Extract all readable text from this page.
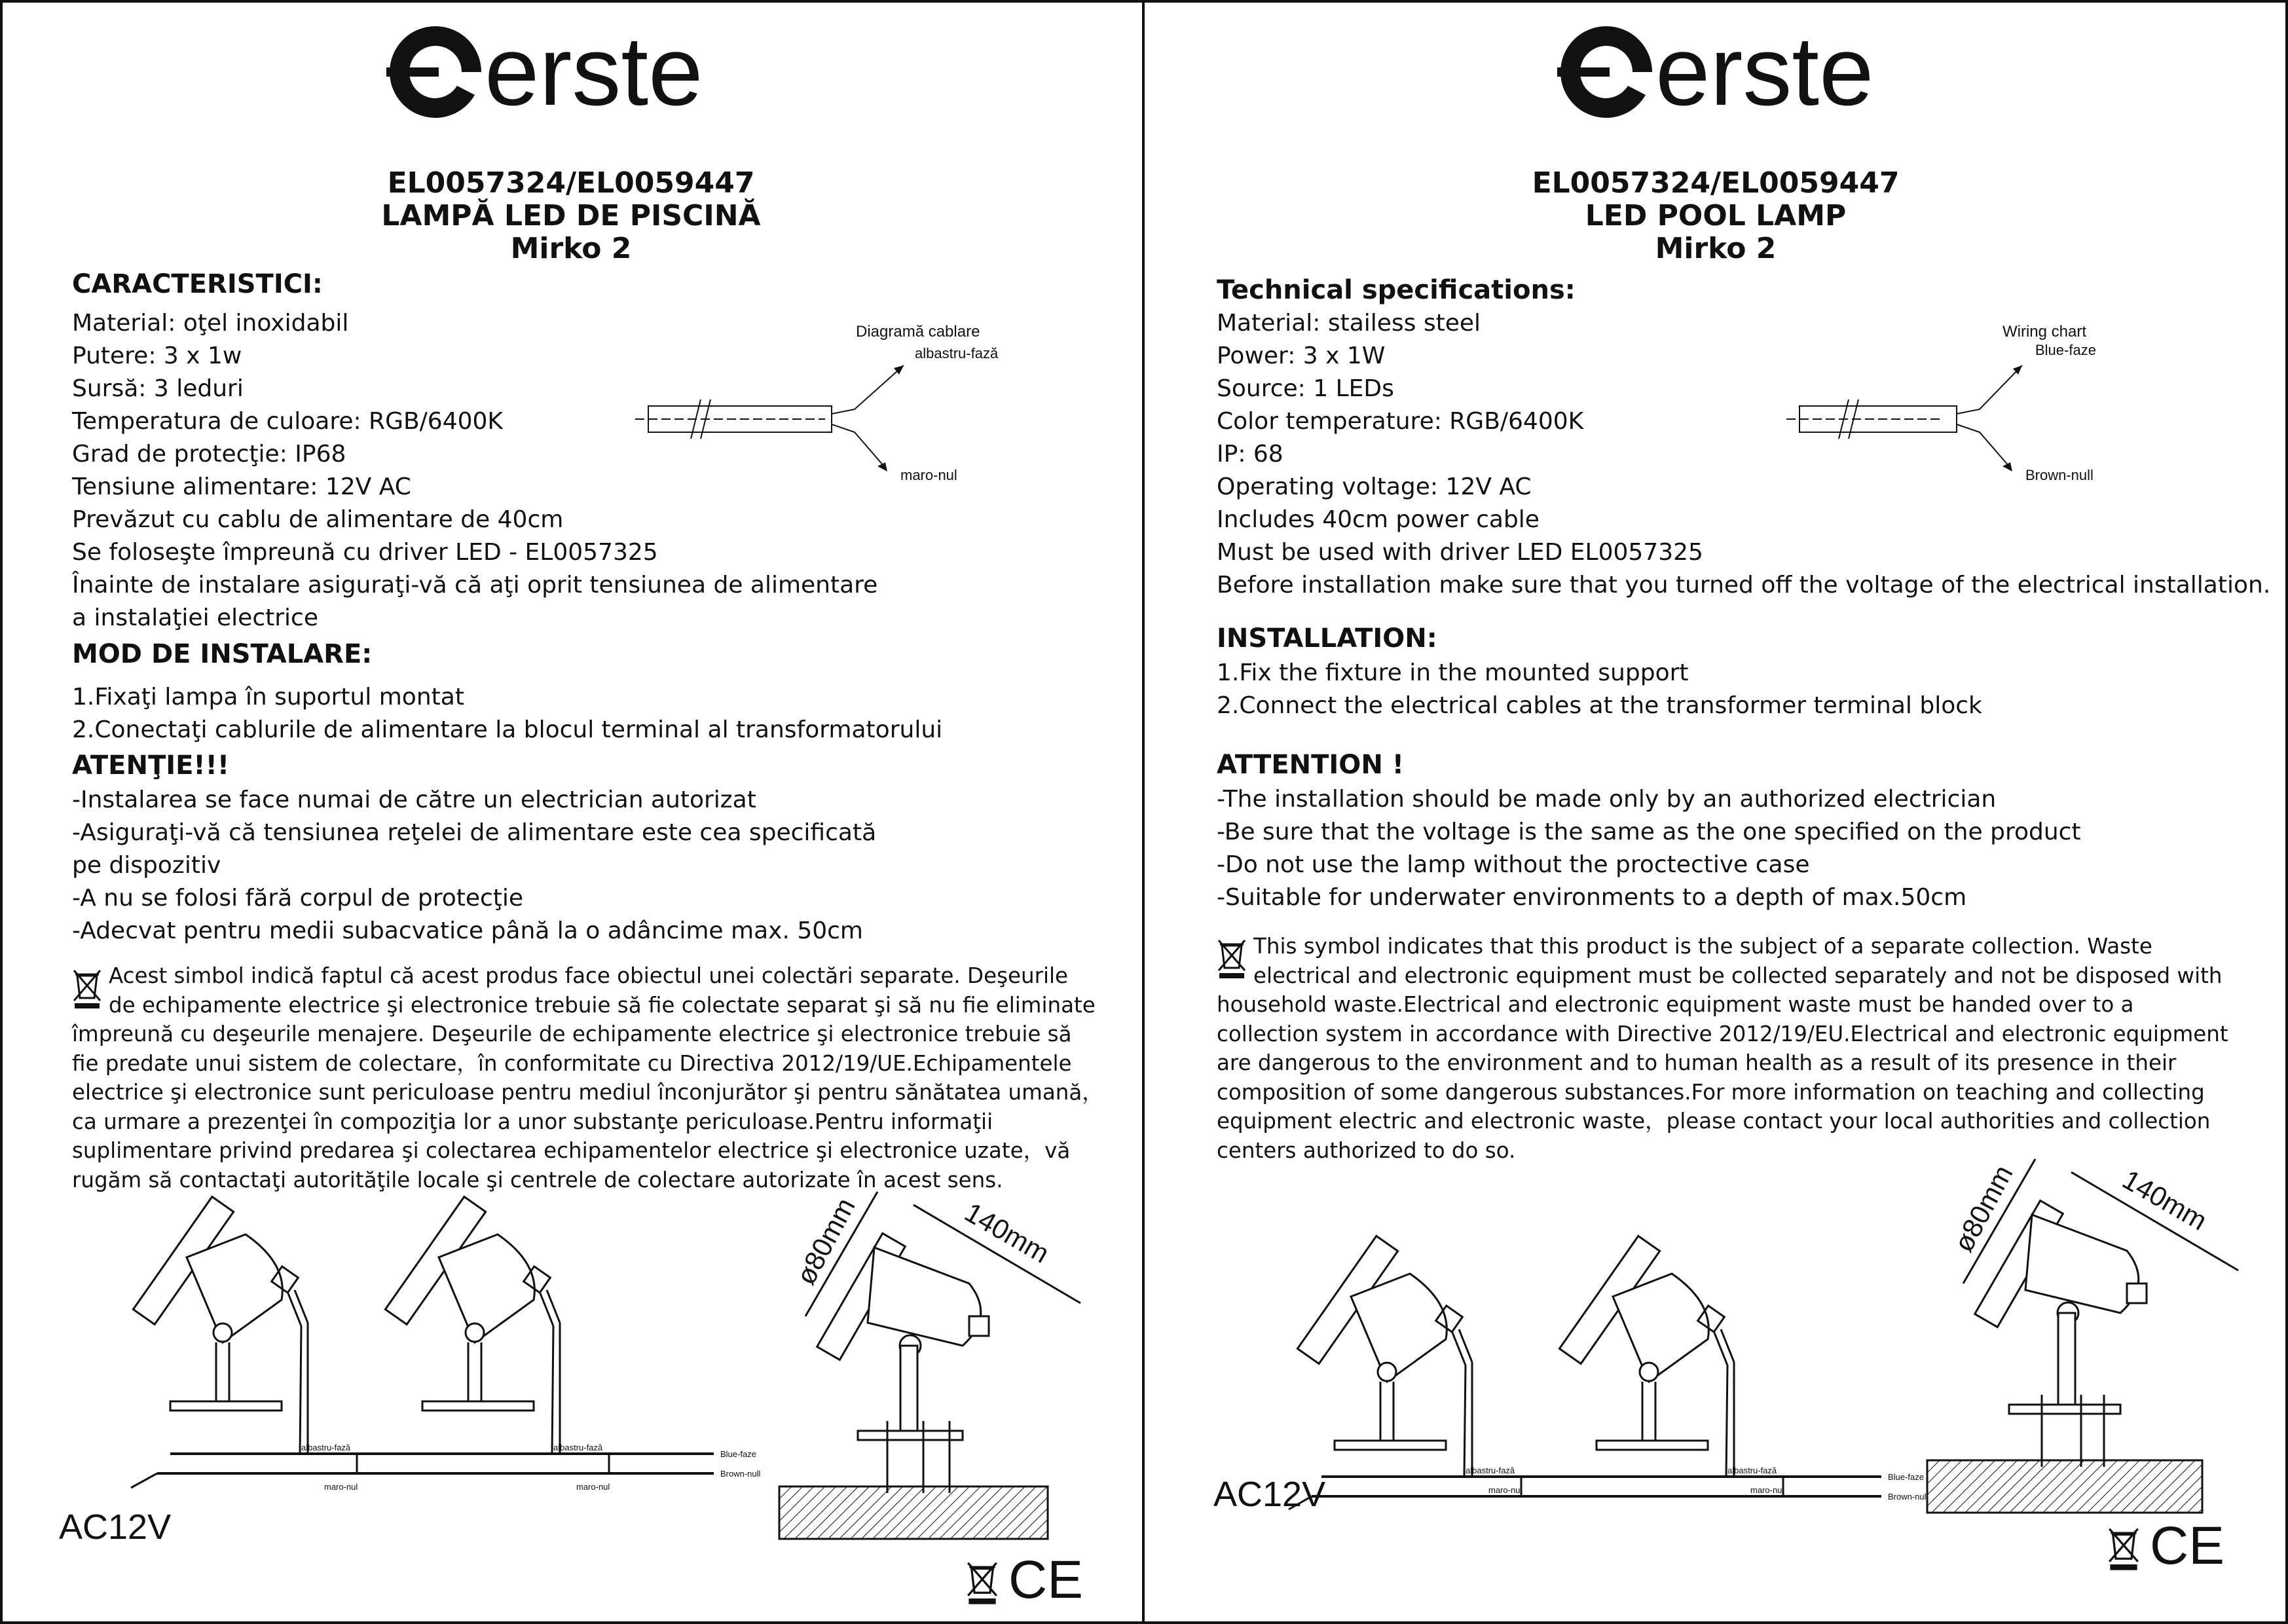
erste
EL0057324/EL0059447
LAMPĂ LED DE PISCINĂ
Mirko 2
CARACTERISTICI:
Material: oţel inoxidabil
Putere: 3 x 1w
Sursă: 3 leduri
Temperatura de culoare: RGB/6400K
Grad de protecţie: IP68
Tensiune alimentare: 12V AC
Prevăzut cu cablu de alimentare de 40cm
Se foloseşte împreună cu driver LED - EL0057325
Înainte de instalare asiguraţi-vă că aţi oprit tensiunea de alimentare
a instalaţiei electrice
Diagramă cablare
albastru-fază
maro-nul
MOD DE INSTALARE:
1.Fixaţi lampa în suportul montat
2.Conectaţi cablurile de alimentare la blocul terminal al transformatorului
ATENŢIE!!!
-Instalarea se face numai de către un electrician autorizat
-Asiguraţi-vă că tensiunea reţelei de alimentare este cea specificată
pe dispozitiv
-A nu se folosi fără corpul de protecţie
-Adecvat pentru medii subacvatice până la o adâncime max. 50cm
Acest simbol indică faptul că acest produs face obiectul unei colectări separate. Deşeurile
de echipamente electrice şi electronice trebuie să fie colectate separat şi să nu fie eliminate
împreună cu deşeurile menajere. Deşeurile de echipamente electrice şi electronice trebuie să
fie predate unui sistem de colectare，în conformitate cu Directiva 2012/19/UE.Echipamentele
electrice şi electronice sunt periculoase pentru mediul înconjurător şi pentru sănătatea umană，
ca urmare a prezenţei în compoziţia lor a unor substanţe periculoase.Pentru informaţii
suplimentare privind predarea şi colectarea echipamentelor electrice şi electronice uzate，vă
rugăm să contactaţi autorităţile locale şi centrele de colectare autorizate în acest sens.
ø80mm	140mm
AC12V
maro-nul	maro-nul
albastru-fază	albastru-fază
Blue-faze
Brown-null
CE
erste
EL0057324/EL0059447
LED POOL LAMP
Mirko 2
Technical specifications:
Material: stailess steel
Power: 3 x 1W
Source: 1 LEDs
Color temperature: RGB/6400K
IP: 68
Operating voltage: 12V AC
Includes 40cm power cable
Must be used with driver LED EL0057325
Before installation make sure that you turned off the voltage of the electrical installation.
Wiring chart
Blue-faze
Brown-null
INSTALLATION:
1.Fix the fixture in the mounted support
2.Connect the electrical cables at the transformer terminal block
ATTENTION !
-The installation should be made only by an authorized electrician
-Be sure that the voltage is the same as the one specified on the product
-Do not use the lamp without the proctective case
-Suitable for underwater environments to a depth of max.50cm
This symbol indicates that this product is the subject of a separate collection. Waste
electrical and electronic equipment must be collected separately and not be disposed with
household waste.Electrical and electronic equipment waste must be handed over to a
collection system in accordance with Directive 2012/19/EU.Electrical and electronic equipment
are dangerous to the environment and to human health as a result of its presence in their
composition of some dangerous substances.For more information on teaching and collecting
equipment electric and electronic waste，please contact your local authorities and collection
centers authorized to do so.
ø80mm	140mm
AC12V	maro-nul	maro-nul
albastru-fază	albastru-fază
Blue-faze
Brown-null
CE
